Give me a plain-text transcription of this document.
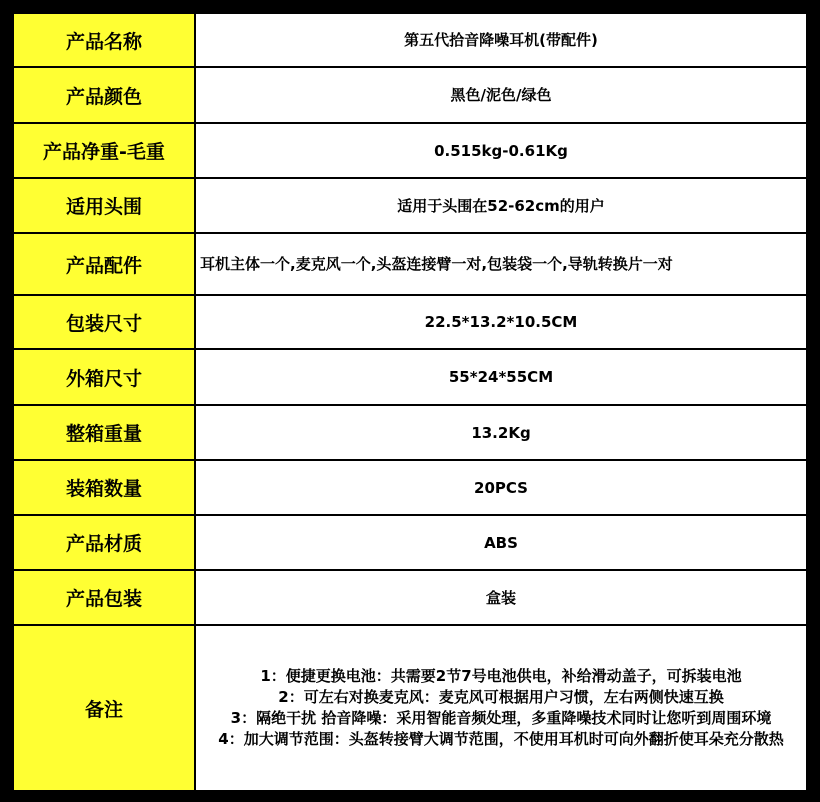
产品名称	第五代拾音降噪耳机(带配件)
产品颜色	黑色/泥色/绿色
产品净重-毛重	0.515kg-0.61Kg
适用头围	适用于头围在52-62cm的用户
产品配件	耳机主体一个,麦克风一个,头盔连接臂一对,包装袋一个,导轨转换片一对
包装尺寸	22.5*13.2*10.5CM
外箱尺寸	55*24*55CM
整箱重量	13.2Kg
装箱数量	20PCS
产品材质	ABS
产品包装	盒装
备注	1：便捷更换电池：共需要2节7号电池供电，补给滑动盖子，可拆装电池
2：可左右对换麦克风：麦克风可根据用户习惯，左右两侧快速互换
3：隔绝干扰 拾音降噪：采用智能音频处理，多重降噪技术同时让您听到周围环境
4：加大调节范围：头盔转接臂大调节范围，不使用耳机时可向外翻折使耳朵充分散热
